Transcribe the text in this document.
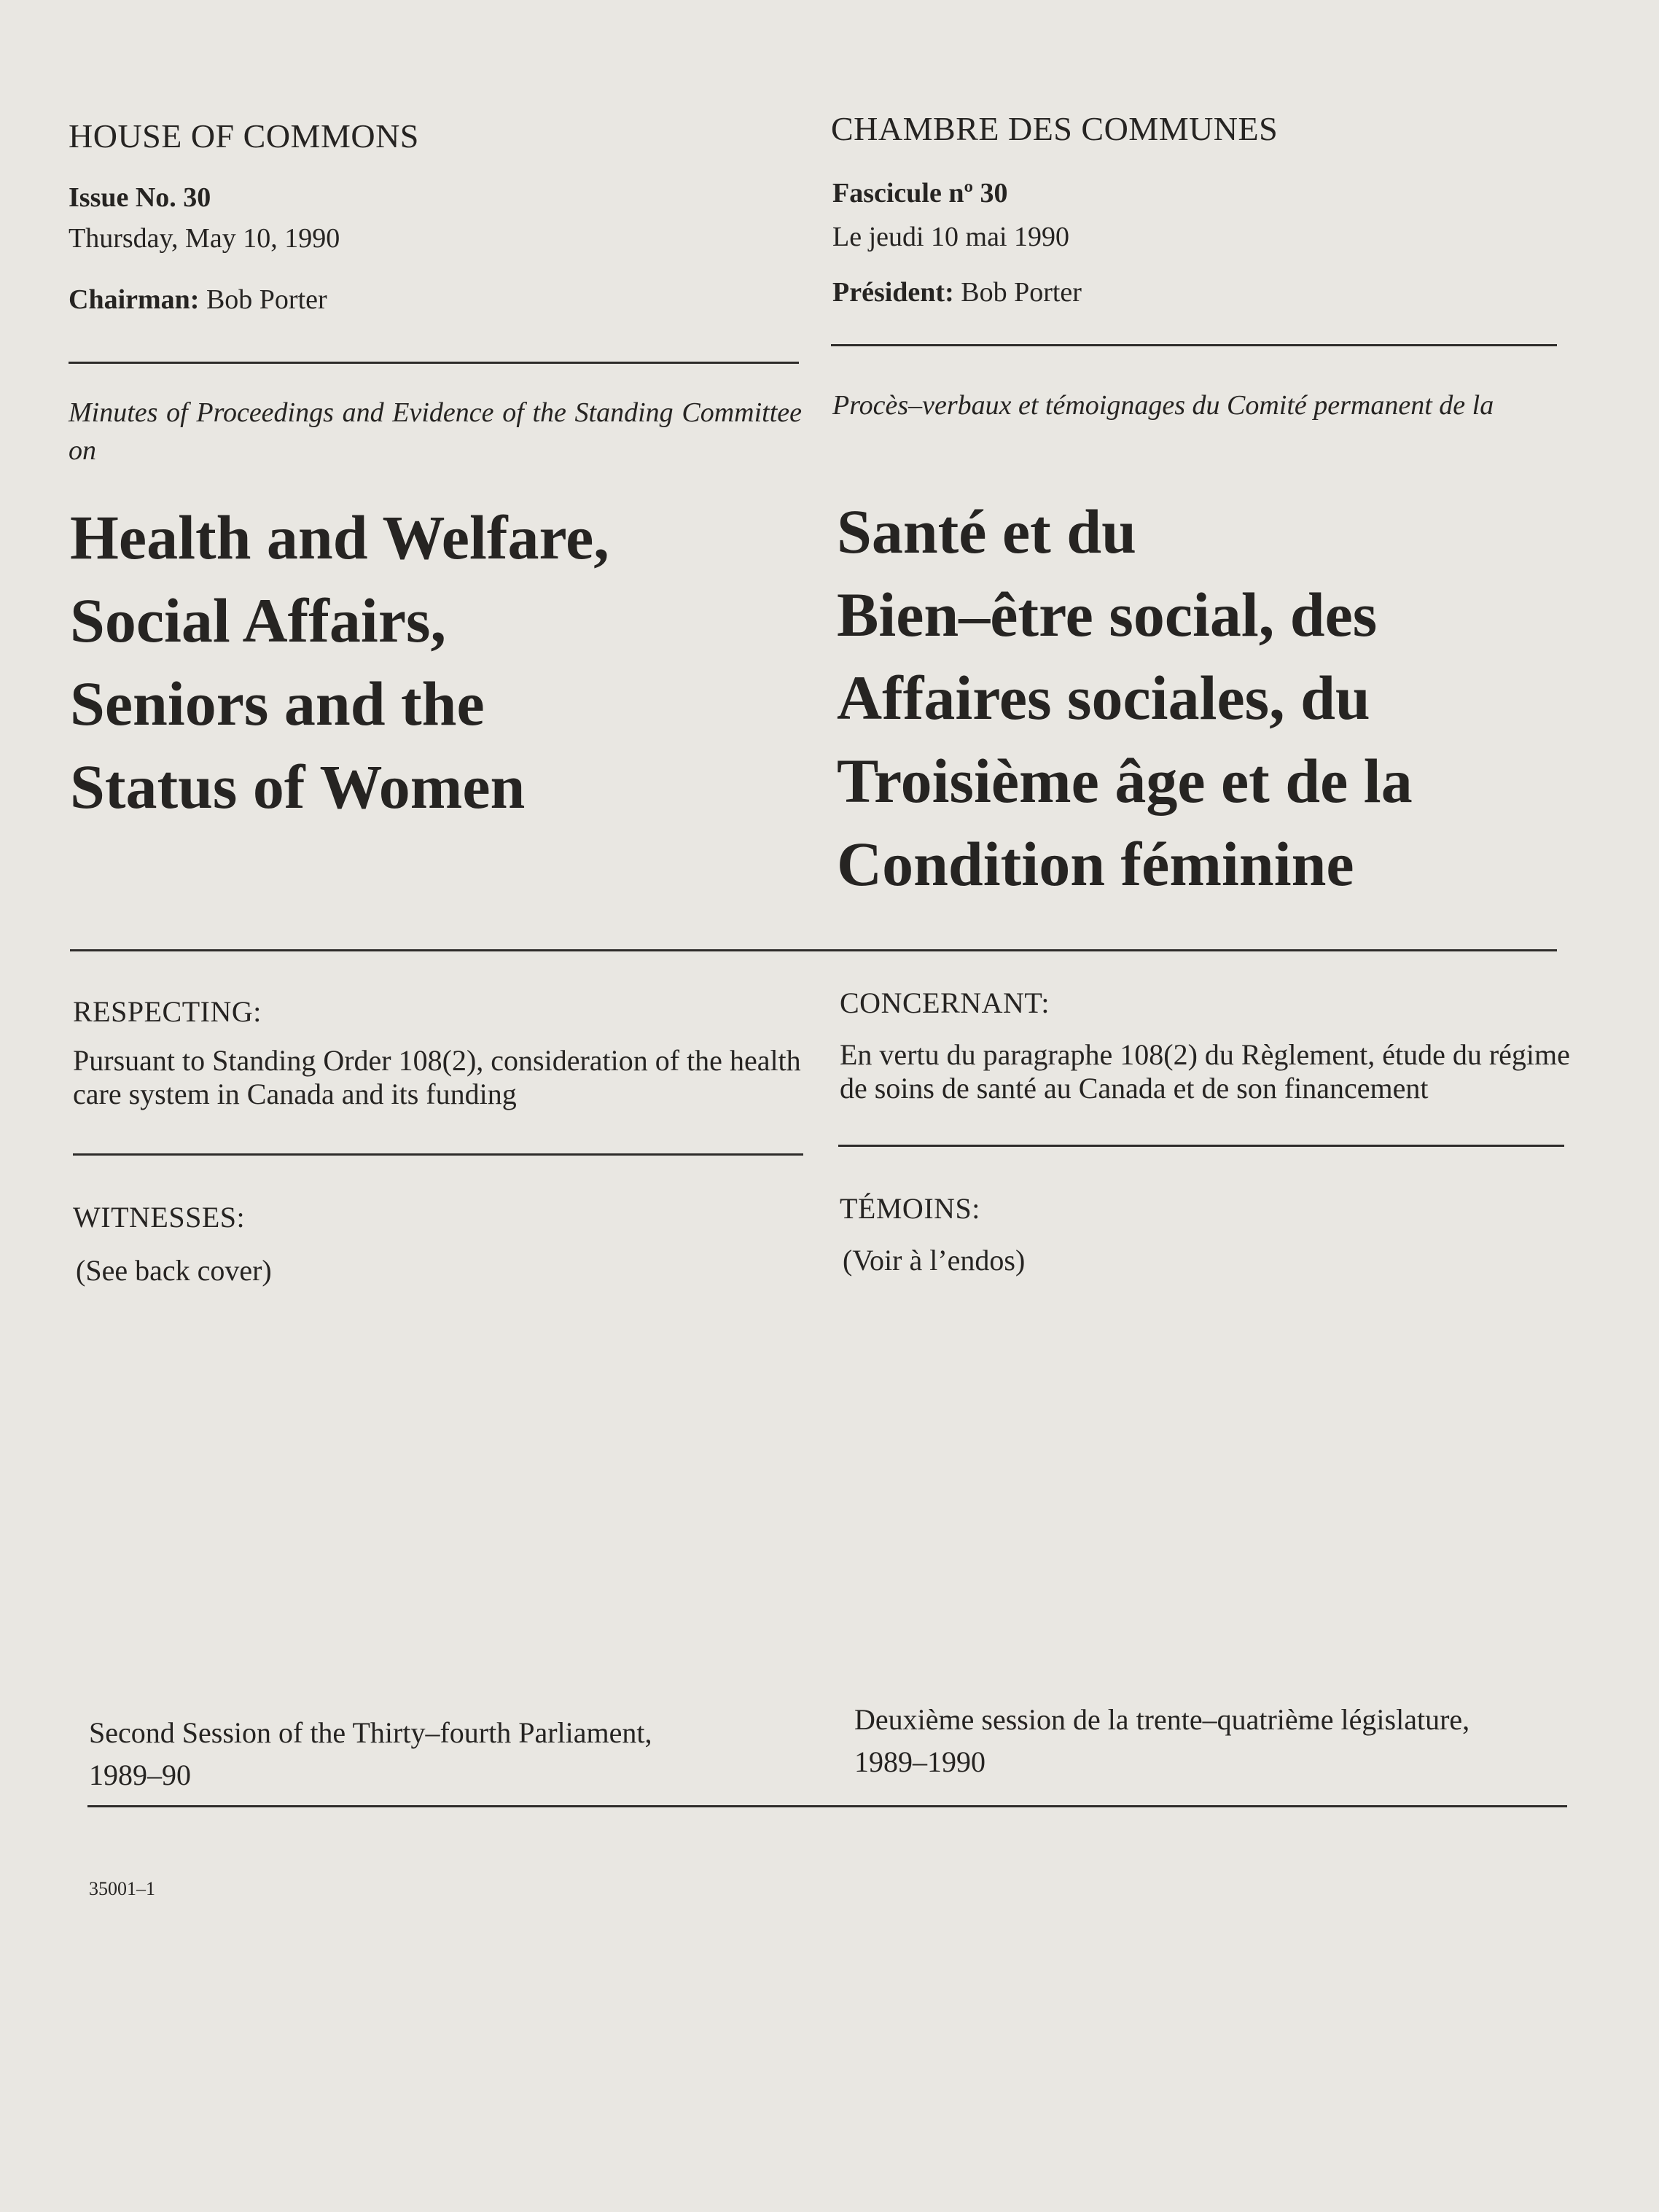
HOUSE OF COMMONS
Issue No. 30
Thursday, May 10, 1990
Chairman: Bob Porter
CHAMBRE DES COMMUNES
Fascicule nº 30
Le jeudi 10 mai 1990
Président: Bob Porter
Minutes of Proceedings and Evidence of the Standing Committee on
Procès–verbaux et témoignages du Comité permanent de la
Health and Welfare,
Social Affairs,
Seniors and the
Status of Women
Santé et du
Bien–être social, des
Affaires sociales, du
Troisième âge et de la
Condition féminine
RESPECTING:
Pursuant to Standing Order 108(2), consideration of the health care system in Canada and its funding
CONCERNANT:
En vertu du paragraphe 108(2) du Règlement, étude du régime de soins de santé au Canada et de son financement
WITNESSES:
(See back cover)
TÉMOINS:
(Voir à l’endos)
Second Session of the Thirty–fourth Parliament,
1989–90
Deuxième session de la trente–quatrième législature,
1989–1990
35001–1
